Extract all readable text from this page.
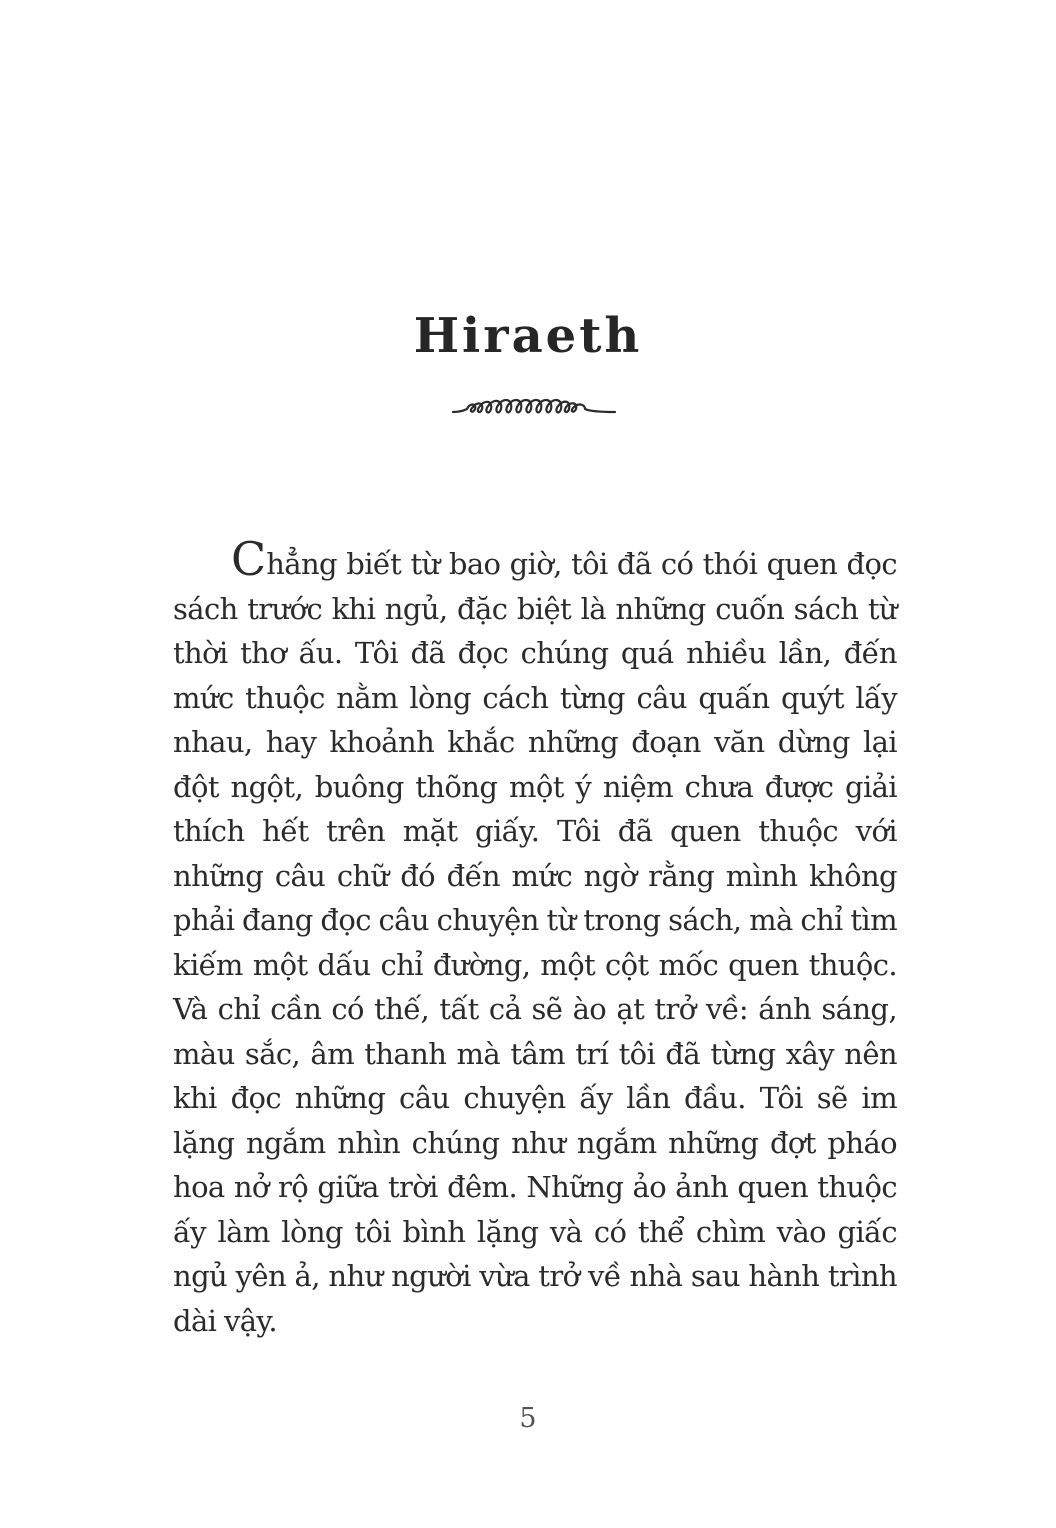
Hiraeth

Chẳng biết từ bao giờ, tôi đã có thói quen đọc sách trước khi ngủ, đặc biệt là những cuốn sách từ thời thơ ấu. Tôi đã đọc chúng quá nhiều lần, đến mức thuộc nằm lòng cách từng câu quấn quýt lấy nhau, hay khoảnh khắc những đoạn văn dừng lại đột ngột, buông thõng một ý niệm chưa được giải thích hết trên mặt giấy. Tôi đã quen thuộc với những câu chữ đó đến mức ngờ rằng mình không phải đang đọc câu chuyện từ trong sách, mà chỉ tìm kiếm một dấu chỉ đường, một cột mốc quen thuộc. Và chỉ cần có thế, tất cả sẽ ào ạt trở về: ánh sáng, màu sắc, âm thanh mà tâm trí tôi đã từng xây nên khi đọc những câu chuyện ấy lần đầu. Tôi sẽ im lặng ngắm nhìn chúng như ngắm những đợt pháo hoa nở rộ giữa trời đêm. Những ảo ảnh quen thuộc ấy làm lòng tôi bình lặng và có thể chìm vào giấc ngủ yên ả, như người vừa trở về nhà sau hành trình dài vậy.

5
